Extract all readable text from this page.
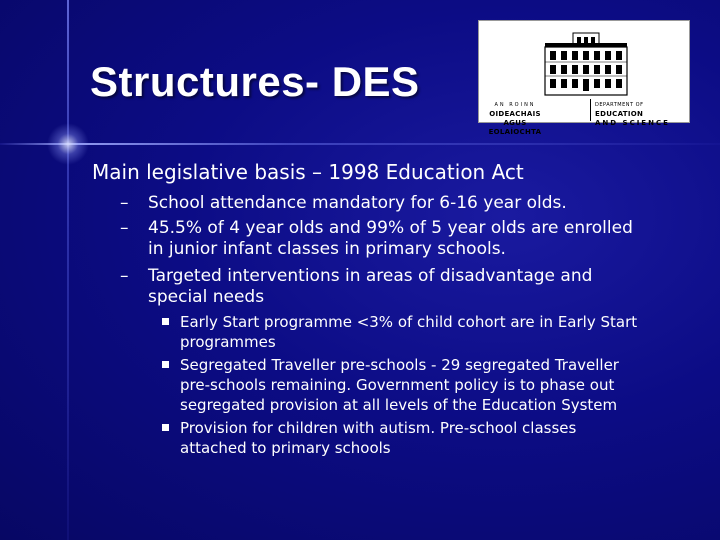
Structures- DES	AN ROINN
OIDEACHAIS
AGUS EOLAÍOCHTA
DEPARTMENT OF
EDUCATION
AND SCIENCE
Main legislative basis – 1998 Education Act
– School attendance mandatory for 6-16 year olds.
– 45.5% of 4 year olds and 99% of 5 year olds are enrolled
in junior infant classes in primary schools.
– Targeted interventions in areas of disadvantage and
special needs
Early Start programme <3% of child cohort are in Early Start
programmes
Segregated Traveller pre-schools - 29 segregated Traveller
pre-schools remaining. Government policy is to phase out
segregated provision at all levels of the Education System
Provision for children with autism. Pre-school classes
attached to primary schools
